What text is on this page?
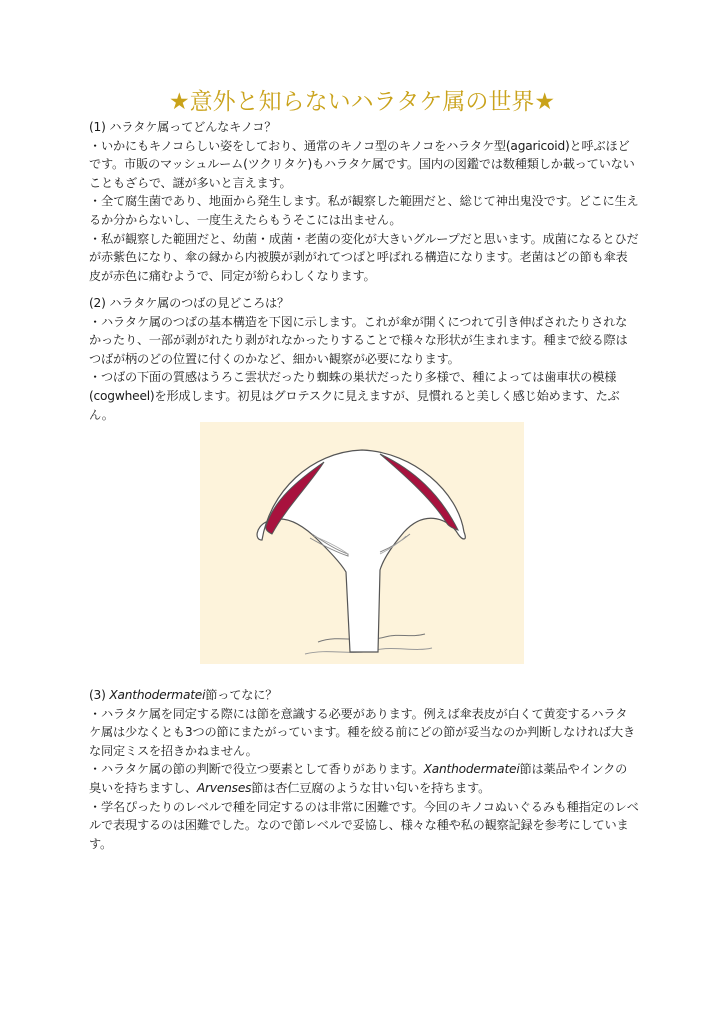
★意外と知らないハラタケ属の世界★

(1) ハラタケ属ってどんなキノコ？

・いかにもキノコらしい姿をしており、通常のキノコ型のキノコをハラタケ型(agaricoid)と呼ぶほどです。市販のマッシュルーム(ツクリタケ)もハラタケ属です。国内の図鑑では数種類しか載っていないこともざらで、謎が多いと言えます。

・全て腐生菌であり、地面から発生します。私が観察した範囲だと、総じて神出鬼没です。どこに生えるか分からないし、一度生えたらもうそこには出ません。

・私が観察した範囲だと、幼菌・成菌・老菌の変化が大きいグループだと思います。成菌になるとひだが赤紫色になり、傘の縁から内被膜が剥がれてつばと呼ばれる構造になります。老菌はどの節も傘表皮が赤色に痛むようで、同定が紛らわしくなります。

(2) ハラタケ属のつばの見どころは？

・ハラタケ属のつばの基本構造を下図に示します。これが傘が開くにつれて引き伸ばされたりされなかったり、一部が剥がれたり剥がれなかったりすることで様々な形状が生まれます。種まで絞る際はつばが柄のどの位置に付くのかなど、細かい観察が必要になります。

・つばの下面の質感はうろこ雲状だったり蜘蛛の巣状だったり多様で、種によっては歯車状の模様(cogwheel)を形成します。初見はグロテスクに見えますが、見慣れると美しく感じ始めます、たぶん。

(3) Xanthodermatei節ってなに？

・ハラタケ属を同定する際には節を意識する必要があります。例えば傘表皮が白くて黄変するハラタケ属は少なくとも3つの節にまたがっています。種を絞る前にどの節が妥当なのか判断しなければ大きな同定ミスを招きかねません。

・ハラタケ属の節の判断で役立つ要素として香りがあります。Xanthodermatei節は薬品やインクの臭いを持ちますし、Arvenses節は杏仁豆腐のような甘い匂いを持ちます。

・学名ぴったりのレベルで種を同定するのは非常に困難です。今回のキノコぬいぐるみも種指定のレベルで表現するのは困難でした。なので節レベルで妥協し、様々な種や私の観察記録を参考にしています。
